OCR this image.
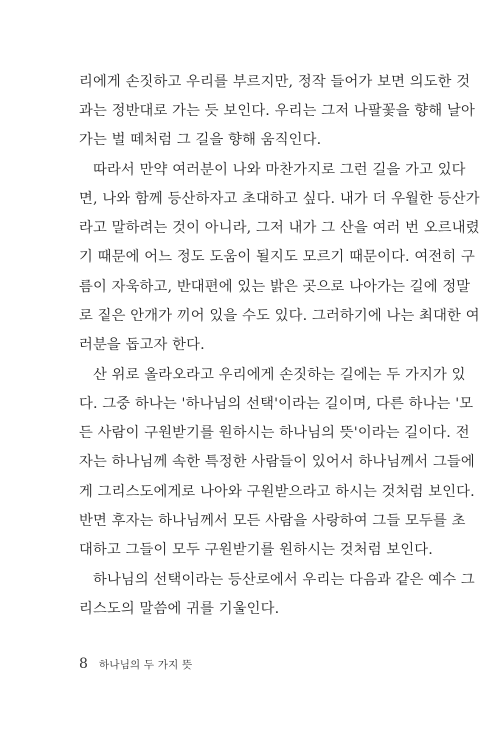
리에게 손짓하고 우리를 부르지만, 정작 들어가 보면 의도한 것
과는 정반대로 가는 듯 보인다. 우리는 그저 나팔꽃을 향해 날아
가는 벌 떼처럼 그 길을 향해 움직인다.
따라서 만약 여러분이 나와 마찬가지로 그런 길을 가고 있다
면, 나와 함께 등산하자고 초대하고 싶다. 내가 더 우월한 등산가
라고 말하려는 것이 아니라, 그저 내가 그 산을 여러 번 오르내렸
기 때문에 어느 정도 도움이 될지도 모르기 때문이다. 여전히 구
름이 자욱하고, 반대편에 있는 밝은 곳으로 나아가는 길에 정말
로 짙은 안개가 끼어 있을 수도 있다. 그러하기에 나는 최대한 여
러분을 돕고자 한다.
산 위로 올라오라고 우리에게 손짓하는 길에는 두 가지가 있
다. 그중 하나는 '하나님의 선택'이라는 길이며, 다른 하나는 '모
든 사람이 구원받기를 원하시는 하나님의 뜻'이라는 길이다. 전
자는 하나님께 속한 특정한 사람들이 있어서 하나님께서 그들에
게 그리스도에게로 나아와 구원받으라고 하시는 것처럼 보인다.
반면 후자는 하나님께서 모든 사람을 사랑하여 그들 모두를 초
대하고 그들이 모두 구원받기를 원하시는 것처럼 보인다.
하나님의 선택이라는 등산로에서 우리는 다음과 같은 예수 그
리스도의 말씀에 귀를 기울인다.
8 하나님의 두 가지 뜻
